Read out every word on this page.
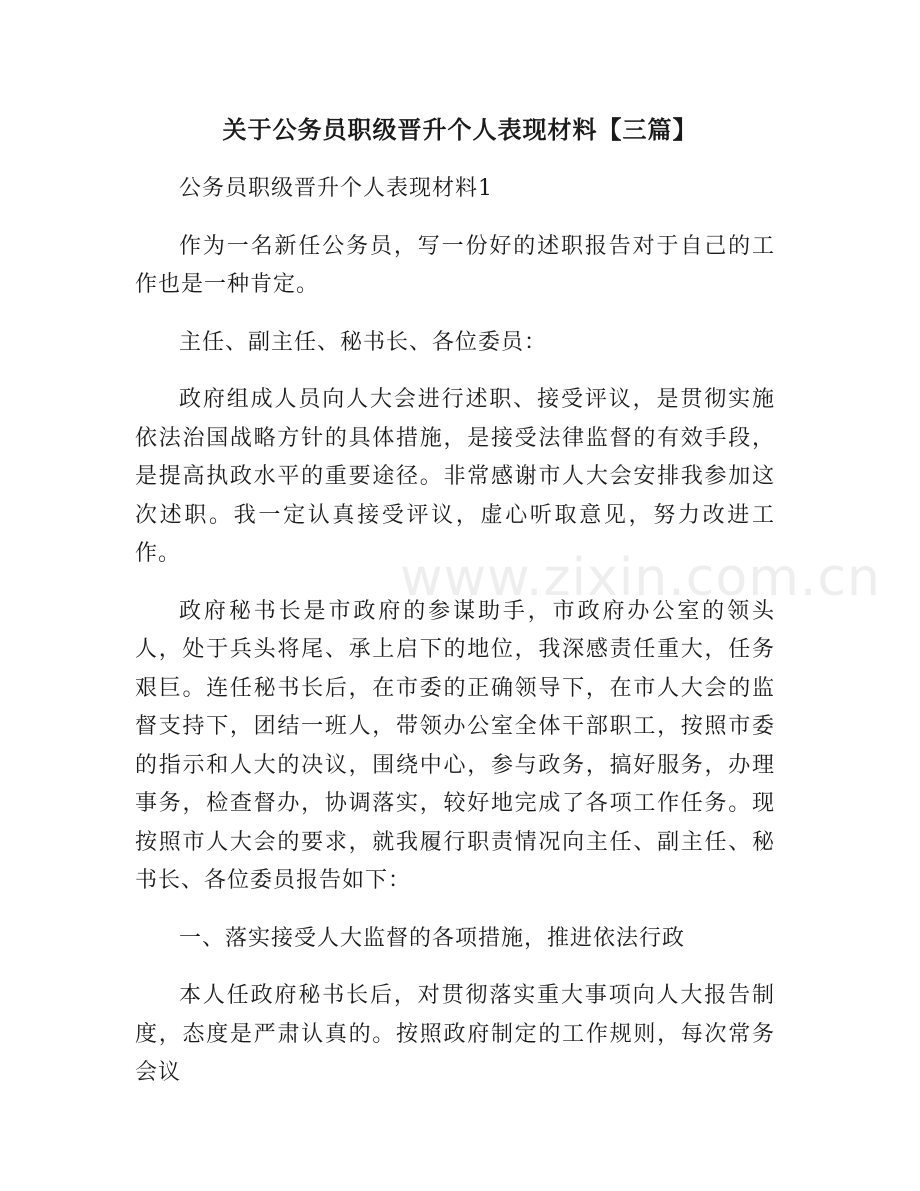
关于公务员职级晋升个人表现材料【三篇】

公务员职级晋升个人表现材料1

作为一名新任公务员，写一份好的述职报告对于自己的工作也是一种肯定。

主任、副主任、秘书长、各位委员：

政府组成人员向人大会进行述职、接受评议，是贯彻实施依法治国战略方针的具体措施，是接受法律监督的有效手段，是提高执政水平的重要途径。非常感谢市人大会安排我参加这次述职。我一定认真接受评议，虚心听取意见，努力改进工作。

政府秘书长是市政府的参谋助手，市政府办公室的领头人，处于兵头将尾、承上启下的地位，我深感责任重大，任务艰巨。连任秘书长后，在市委的正确领导下，在市人大会的监督支持下，团结一班人，带领办公室全体干部职工，按照市委的指示和人大的决议，围绕中心，参与政务，搞好服务，办理事务，检查督办，协调落实，较好地完成了各项工作任务。现按照市人大会的要求，就我履行职责情况向主任、副主任、秘书长、各位委员报告如下：

一、落实接受人大监督的各项措施，推进依法行政

本人任政府秘书长后，对贯彻落实重大事项向人大报告制度，态度是严肃认真的。按照政府制定的工作规则，每次常务会议

www.zixin.com.cn
